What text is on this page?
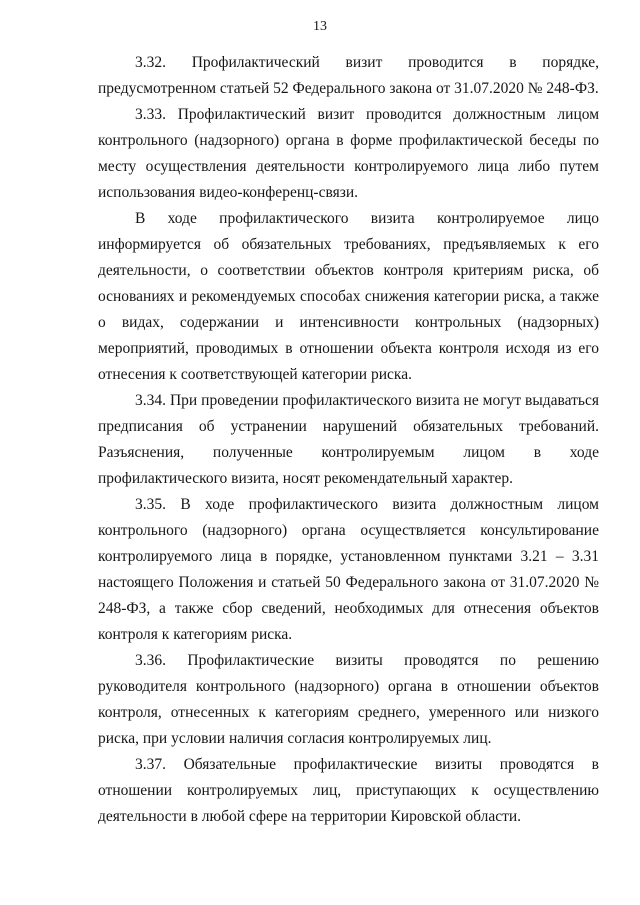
13

3.32. Профилактический визит проводится в порядке, предусмотренном статьей 52 Федерального закона от 31.07.2020 № 248-ФЗ.

3.33. Профилактический визит проводится должностным лицом контрольного (надзорного) органа в форме профилактической беседы по месту осуществления деятельности контролируемого лица либо путем использования видео-конференц-связи.

В ходе профилактического визита контролируемое лицо информируется об обязательных требованиях, предъявляемых к его деятельности, о соответствии объектов контроля критериям риска, об основаниях и рекомендуемых способах снижения категории риска, а также о видах, содержании и интенсивности контрольных (надзорных) мероприятий, проводимых в отношении объекта контроля исходя из его отнесения к соответствующей категории риска.

3.34. При проведении профилактического визита не могут выдаваться предписания об устранении нарушений обязательных требований. Разъяснения, полученные контролируемым лицом в ходе профилактического визита, носят рекомендательный характер.

3.35. В ходе профилактического визита должностным лицом контрольного (надзорного) органа осуществляется консультирование контролируемого лица в порядке, установленном пунктами 3.21 – 3.31 настоящего Положения и статьей 50 Федерального закона от 31.07.2020 № 248-ФЗ, а также сбор сведений, необходимых для отнесения объектов контроля к категориям риска.

3.36. Профилактические визиты проводятся по решению руководителя контрольного (надзорного) органа в отношении объектов контроля, отнесенных к категориям среднего, умеренного или низкого риска, при условии наличия согласия контролируемых лиц.

3.37. Обязательные профилактические визиты проводятся в отношении контролируемых лиц, приступающих к осуществлению деятельности в любой сфере на территории Кировской области.
